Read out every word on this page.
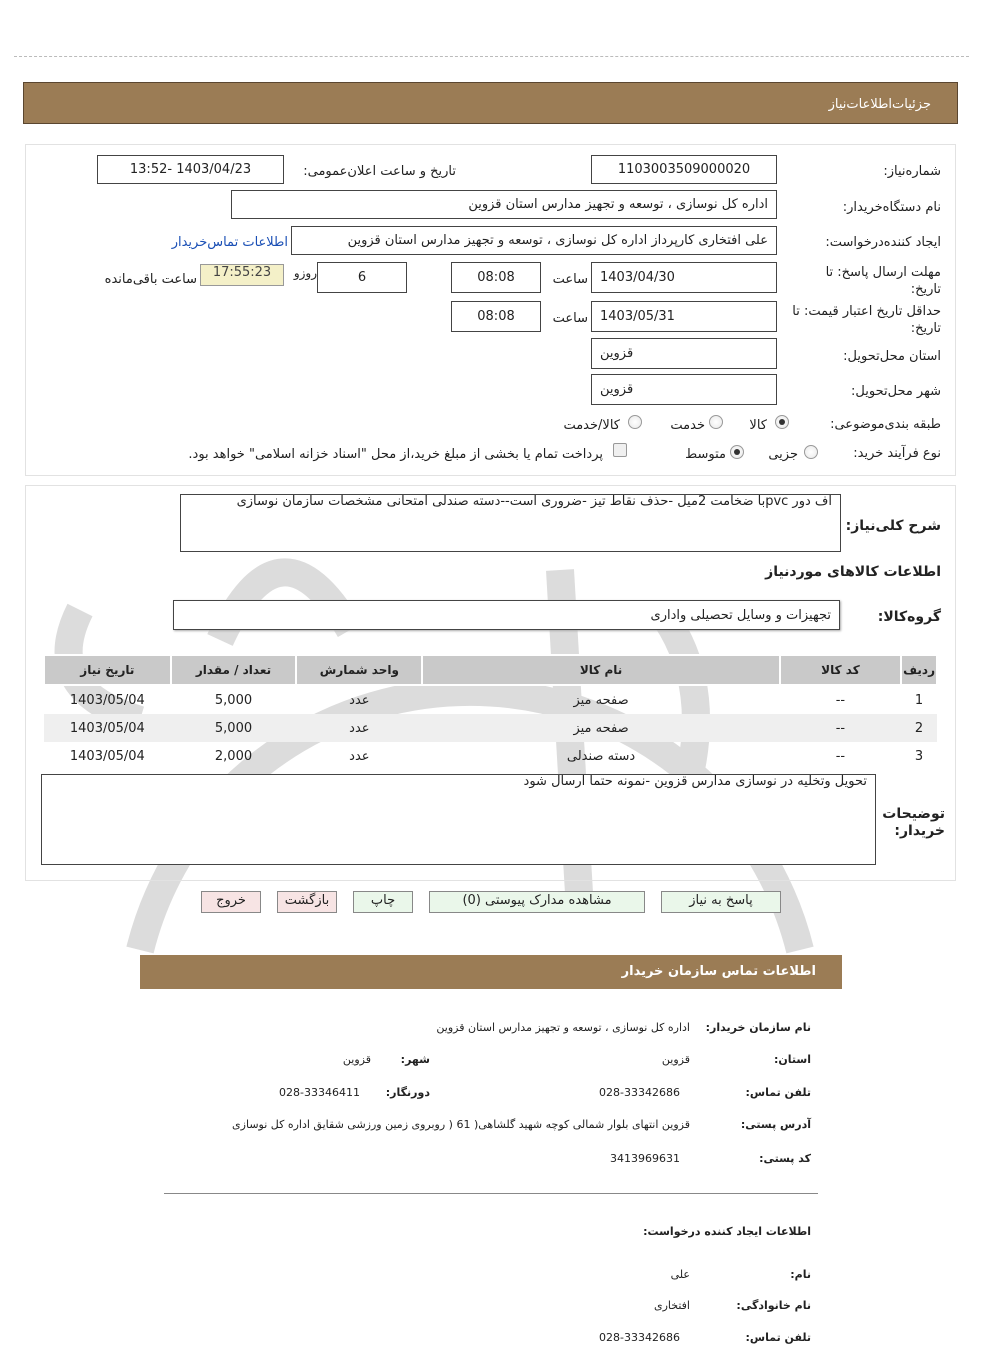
جزئیات‌اطلاعات‌نیاز
شماره‌نیاز:
1103003509000020
تاریخ و ساعت اعلان‌عمومی:
1403/04/23 -13:52
نام دستگاه‌خریدار:
اداره کل نوسازی ، توسعه و تجهیز مدارس استان قزوین
ایجاد کننده‌درخواست:
علی افتخاری کارپرداز اداره کل نوسازی ، توسعه و تجهیز مدارس استان قزوین
اطلاعات تماس‌خریدار
مهلت ارسال پاسخ: تا تاریخ:
1403/04/30
ساعت
08:08
6
روزو
17:55:23
ساعت باقی‌مانده
حداقل تاریخ اعتبار قیمت: تا تاریخ:
1403/05/31
ساعت
08:08
استان محل‌تحویل:
قزوین
شهر محل‌تحویل:
قزوین
طبقه بندی‌موضوعی:
کالا
خدمت
کالا/خدمت
نوع فرآیند خرید:
جزیی
متوسط
پرداخت تمام یا بخشی از مبلغ خرید،از محل "اسناد خزانه اسلامی" خواهد بود.
شرح کلی‌نیاز:
اف دور pvcبا ضخامت 2میل -حذف نقاط تیز -ضروری است--دسته صندلی امتحانی مشخصات سازمان نوسازی
اطلاعات کالاهای مورد‌نیاز
گروه‌کالا:
تجهیزات و وسایل تحصیلی واداری
ردیف	کد کالا	نام کالا	واحد شمارش	تعداد / مقدار	تاریخ نیاز
1	--	صفحه میز	عدد	5,000	1403/05/04
2	--	صفحه میز	عدد	5,000	1403/05/04
3	--	دسته صندلی	عدد	2,000	1403/05/04
توضیحات خریدار:
تحویل وتخلیه در نوسازی مدارس قزوین -نمونه حتما ارسال شود
پاسخ به نیاز
مشاهده مدارک پیوستی (0)
چاپ
بازگشت
خروج
اطلاعات تماس سازمان خریدار
نام سازمان خریدار:
اداره کل نوسازی ، توسعه و تجهیز مدارس استان قزوین
استان:
قزوین
شهر:
قزوین
تلفن تماس:
028-33342686
دورنگار:
028-33346411
آدرس پستی:
قزوین انتهای بلوار شمالی کوچه شهید گلشاهی( 61 ( روبروی زمین ورزشی شقایق اداره کل نوسازی
کد پستی:
3413969631
اطلاعات ایجاد کننده درخواست:
نام:
علی
نام خانوادگی:
افتخاری
تلفن تماس:
028-33342686
